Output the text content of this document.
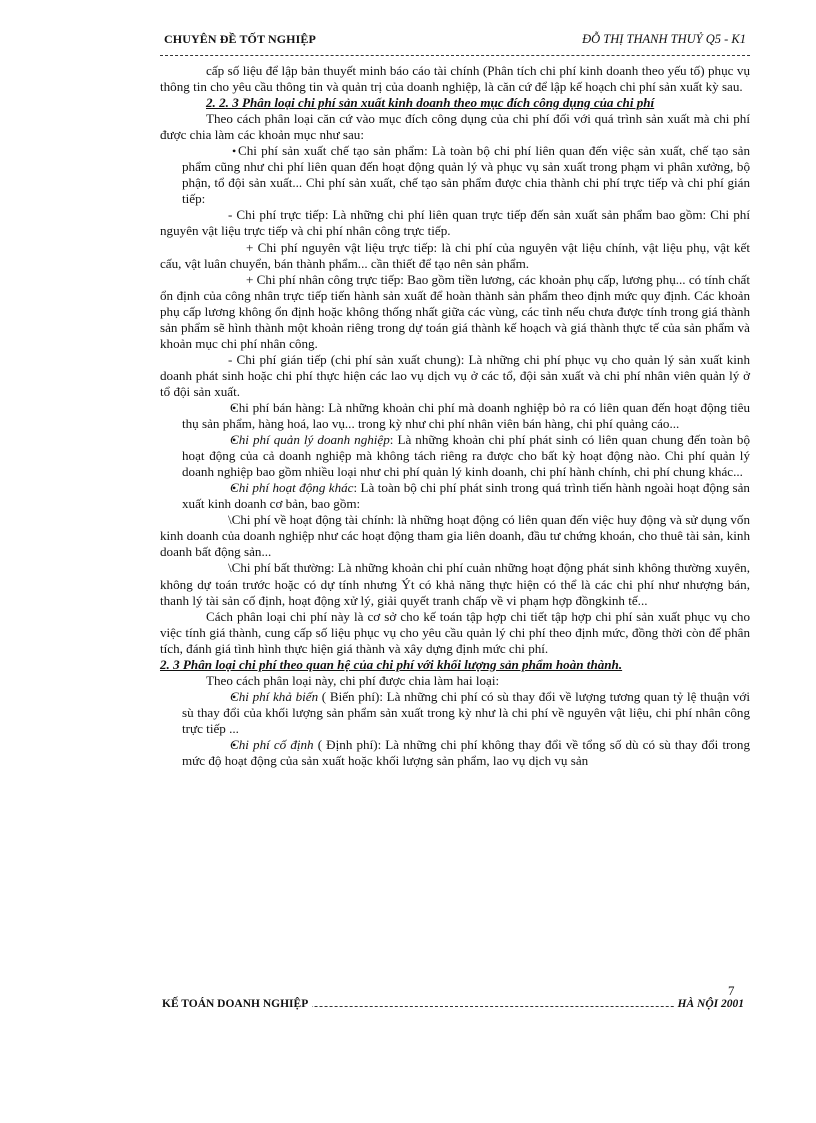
CHUYÊN ĐỀ TỐT NGHIỆP	ĐỖ THỊ THANH THUỶ Q5 - K1

cấp số liệu để lập bản thuyết minh báo cáo tài chính (Phân tích chi phí kinh doanh theo yếu tố) phục vụ thông tin cho yêu cầu thông tin và quản trị của doanh nghiệp, là căn cứ để lập kế hoạch chi phí sản xuất kỳ sau.

2. 2. 3 Phân loại chi phí sản xuất kinh doanh theo mục đích công dụng của chi phí

Theo cách phân loại căn cứ vào mục đích công dụng của chi phí đối với quá trình sản xuất mà chi phí được chia làm các khoản mục như sau:

• Chi phí sản xuất chế tạo sản phẩm: Là toàn bộ chi phí liên quan đến việc sản xuất, chế tạo sản phẩm cũng như chi phí liên quan đến hoạt động quản lý và phục vụ sản xuất trong phạm vi phân xưởng, bộ phận, tổ đội sản xuất... Chi phí sản xuất, chế tạo sản phẩm được chia thành chi phí trực tiếp và chi phí gián tiếp:

- Chi phí trực tiếp: Là những chi phí liên quan trực tiếp đến sản xuất sản phẩm bao gồm: Chi phí nguyên vật liệu trực tiếp và chi phí nhân công trực tiếp.

+ Chi phí nguyên vật liệu trực tiếp: là chi phí của nguyên vật liệu chính, vật liệu phụ, vật kết cấu, vật luân chuyển, bán thành phẩm... cần thiết để tạo nên sản phẩm.

+ Chi phí nhân công trực tiếp: Bao gồm tiền lương, các khoản phụ cấp, lương phụ... có tính chất ổn định của công nhân trực tiếp tiến hành sản xuất để hoàn thành sản phẩm theo định mức quy định. Các khoản phụ cấp lương không ổn định hoặc không thống nhất giữa các vùng, các tỉnh nếu chưa được tính trong giá thành sản phẩm sẽ hình thành một khoản riêng trong dự toán giá thành kế hoạch và giá thành thực tế của sản phẩm và khoản mục chi phí nhân công.

- Chi phí gián tiếp (chi phí sản xuất chung): Là những chi phí phục vụ cho quản lý sản xuất kinh doanh phát sinh hoặc chi phí thực hiện các lao vụ dịch vụ ở các tổ, đội sản xuất và chi phí nhân viên quản lý ở tổ đội sản xuất.

• Chi phí bán hàng: Là những khoản chi phí mà doanh nghiệp bỏ ra có liên quan đến hoạt động tiêu thụ sản phẩm, hàng hoá, lao vụ... trong kỳ như chi phí nhân viên bán hàng, chi phí quảng cáo...

• Chi phí quản lý doanh nghiệp: Là những khoản chi phí phát sinh có liên quan chung đến toàn bộ hoạt động của cả doanh nghiệp mà không tách riêng ra được cho bất kỳ hoạt động nào. Chi phí quản lý doanh nghiệp bao gồm nhiều loại như chi phí quản lý kinh doanh, chi phí hành chính, chi phí chung khác...

• Chi phí hoạt động khác: Là toàn bộ chi phí phát sinh trong quá trình tiến hành ngoài hoạt động sản xuất kinh doanh cơ bản, bao gồm:

\Chi phí về hoạt động tài chính: là những hoạt động có liên quan đến việc huy động và sử dụng vốn kinh doanh của doanh nghiệp như các hoạt động tham gia liên doanh, đầu tư chứng khoán, cho thuê tài sản, kinh doanh bất động sản...

\Chi phí bất thường: Là những khoản chi phí cuản những hoạt động phát sinh không thường xuyên, không dự toán trước hoặc có dự tính nhưng Ýt có khả năng thực hiện có thể là các chi phí như nhượng bán, thanh lý tài sản cố định, hoạt động xử lý, giải quyết tranh chấp về vi phạm hợp đồngkinh tế...

Cách phân loại chi phí này là cơ sở cho kế toán tập hợp chi tiết tập hợp chi phí sản xuất phục vụ cho việc tính giá thành, cung cấp số liệu phục vụ cho yêu cầu quản lý chi phí theo định mức, đồng thời còn để phân tích, đánh giá tình hình thực hiện giá thành và xây dựng định mức chi phí.

2. 3 Phân loại chi phí theo quan hệ của chi phí với khối lượng sản phẩm hoàn thành.

Theo cách phân loại này, chi phí được chia làm hai loại:

• Chi phí khả biến ( Biến phí): Là những chi phí có sù thay đổi về lượng tương quan tỷ lệ thuận với sù thay đổi của khối lượng sản phẩm sản xuất trong kỳ như là chi phí về nguyên vật liệu, chi phí nhân công trực tiếp ...

• Chi phí cố định ( Định phí): Là những chi phí không thay đổi về tổng số dù có sù thay đổi trong mức độ hoạt động của sản xuất hoặc khối lượng sản phẩm, lao vụ dịch vụ sản

7
KẾ TOÁN DOANH NGHIỆP	HÀ NỘI 2001
